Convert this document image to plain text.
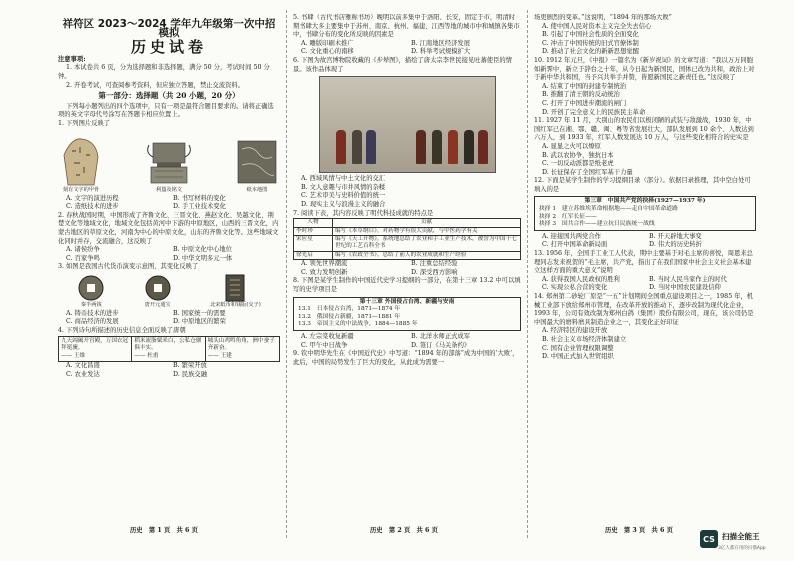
祥符区 2023～2024 学年九年级第一次中招模拟
历史试卷
注意事项:

1. 本试卷共 6 页，分为选择题和非选择题，满分 50 分，考试时间 50 分钟。

2. 开卷考试，可查阅参考资料，但应独立答题，禁止交流资料。

第一部分：选择题（共 20 小题，20 分）

下列每小题列出的四个选项中，只有一项是最符合题目要求的。请将正确选项的英文字母代号涂写在答题卡相应位置上。

1. 下列图片反映了

刻有文字的甲骨	利簋及铭文	纸本地图
A. 文字的演进历程	B. 书写材料的变化
C. 造纸技术的进步	D. 手工业技术变化

2. 春秋战国时期，中国形成了齐鲁文化、三晋文化、燕赵文化、吴越文化、荆楚文化等地域文化，地域文化包括黄河中下游的中原地区，山西的三晋文化，内蒙古地区的草原文化，河南为中心的中原文化，山东的齐鲁文化等。这些地域文化同时并存，交流融合，这反映了

A. 诸侯纷争	B. 中原文化中心地位
C. 百家争鸣	D. 中华文明多元一体

3. 如图是我国古代货币演变示意图，其变化反映了

秦半两钱	唐开元通宝	北宋纸币和钱版(交子)
A. 铸币技术的进步	B. 国家统一的需要
C. 商品经济的发展	D. 中原地区的繁荣

4. 下列诗句所描述的历史信息全面反映了唐朝

九天阊阖开宫殿，万国衣冠拜冕旒。
—— 王维
稻米流脂粟米白，公私仓廪俱丰实。
—— 杜甫
城头山鸡鸣角角，洲中蚕子齐新奋。
—— 王建
A. 文化昌盛	B. 繁荣开放
C. 农业发达	D. 民族交融
历史　第 1 页　共 6 页

5. 书肆（古代书店雅称书坊）晚明以前多集中于洛阳、长安，固定于市，明清时期书肆大多主要集中于苏州、南京、杭州、福建、江西等地的城市中和城镇各集市中，书肆分布的变化所反映的因素是

A. 雕版印刷术推广	B. 江南地区经济发展
C. 文化重心的南移	D. 科举考试规模扩大

6. 下图为故宫博物院收藏的《步辇图》，描绘了唐太宗李世民接见吐蕃使臣的情景。该作品体现了

A. 西域风情与中土文化的交汇
B. 文人意趣与市井风情的杂糅
C. 艺术审美与史料价值的统一
D. 现实主义与浪漫主义的融合

7. 阅读下表，其内容反映了明代科技成就的特点是

人物	贡献
李时珍	编写《本草纲目》，对药物学有很大贡献，与中医药学有关
宋应星	编写《天工开物》，系统地总结了农业和手工业生产技术，被誉为中国十七世纪的工艺百科全书
徐光启	编写《农政全书》，总结了前人的农业成就和生产经验
A. 领先世界潮流	B. 注重总结经验
C. 致力发明创新	D. 深受西方影响

8. 下图是某学生制作的中国近代史学习提纲的一部分，在第十三章 13.2 中可以填写的史学项目是

第十三章 外国侵占台湾、新疆与安南
13.1　日本侵占台湾，1871—1874 年
13.2　俄国侵占新疆，1871—1881 年
13.3　帝国主义的中法战争，1884—1885 年
A. 左宗棠收复新疆	B. 北洋水师正式成军
C. 甲午中日战争	D. 签订《马关条约》

9. 钦中明华先生在《中国近代史》中写道：“1894 年的部落”成为中国的‘大败’，此后，中国的局势发生了巨大的变化，从此成为需要一

历史　第 2 页　共 6 页

场更剧烈的变革。”这说明，“1894 年的那场大败”

A. 使中国人民对资本主义完全失去信心
B. 引起了中国社会性质的全面变化
C. 冲击了中国传统的旧式官僚体制
D. 推动了社会文化的新新思想觉醒

10. 1912 年元旦，《中报》一篇名为《新岁祝词》的文章写道：“我以万万同胞如新霁中，新立于辞台之十年，从今日起为新国民，国体已改为共和，政治上对于新中华共和国，当予兴共举手并赞，皆愿新国民之新责任也。”这反映了

A. 结束了中国的封建专制统治
B. 推翻了清王朝的反动统治
C. 打开了中国进步潮流的闸门
D. 开创了完全意义上的民族民主革命

11. 1927 年 11 月，大别山的农民们以极闭陋的武装与敌激战，1930 年，中国红军已在湘、鄂、赣、闽、粤等省发展壮大，部队发展到 10 余个、人数达到六万人，到 1933 年，红军人数发展达 10 万人，与这些变化相符合的史实是

A. 显显之火可以燎原
B. 武以农协争，独抗日本
C. 一切反动派都是纸老虎
D. 长征保存了全国红军基干力量

12. 下面是某学生制作的学习提纲目录（部分）。依据目录推理，其中空白处可填入的是

第三章　中国共产党的抉择(1927—1937 年)
抉择 1　建立苏维埃革命根据地——走自中国革命道路
抉择 2　红军长征——
抉择 3　国共合作——建立抗日民族统一战线
A. 迎接国共两党合作	B. 开天辟地大事变
C. 打开中国革命新局面	D. 伟大的历史转折

13. 1956 年，全国手工业工人代表，期中主要基于对毛主席的喜悦，周恩来总理同志发来祝贺的“毛主席，共产党，指出了在我们国家中社会主义社会基本建立这样方面的重大意义”说明

A. 获得我国人民政权的胜利	B. 当时人民当家作主的时代
C. 实现公私合营的变化	D. 当时中国农民建设信仰

14. 郑州第二砂轮厂原是“一五”计划期间全国重点建设项目之一，1985 年，机械工业部下放给郑州市管理，在改革开放的推动下，逐步改制为现代化企业，1993 年，公司有效改制为郑州白鸽（集团）股份有限公司，现在，该公司仍是中国最大的磨料磨具制造企业之一，其变化正好印证

A. 经济特区的建设开放
B. 社会主义市场经济体制建立
C. 国有企业管理权限调整
D. 中国正式加入世贸组织
历史　第 3 页　共 6 页
CS 扫描全能王
3亿人都在用的扫描App
